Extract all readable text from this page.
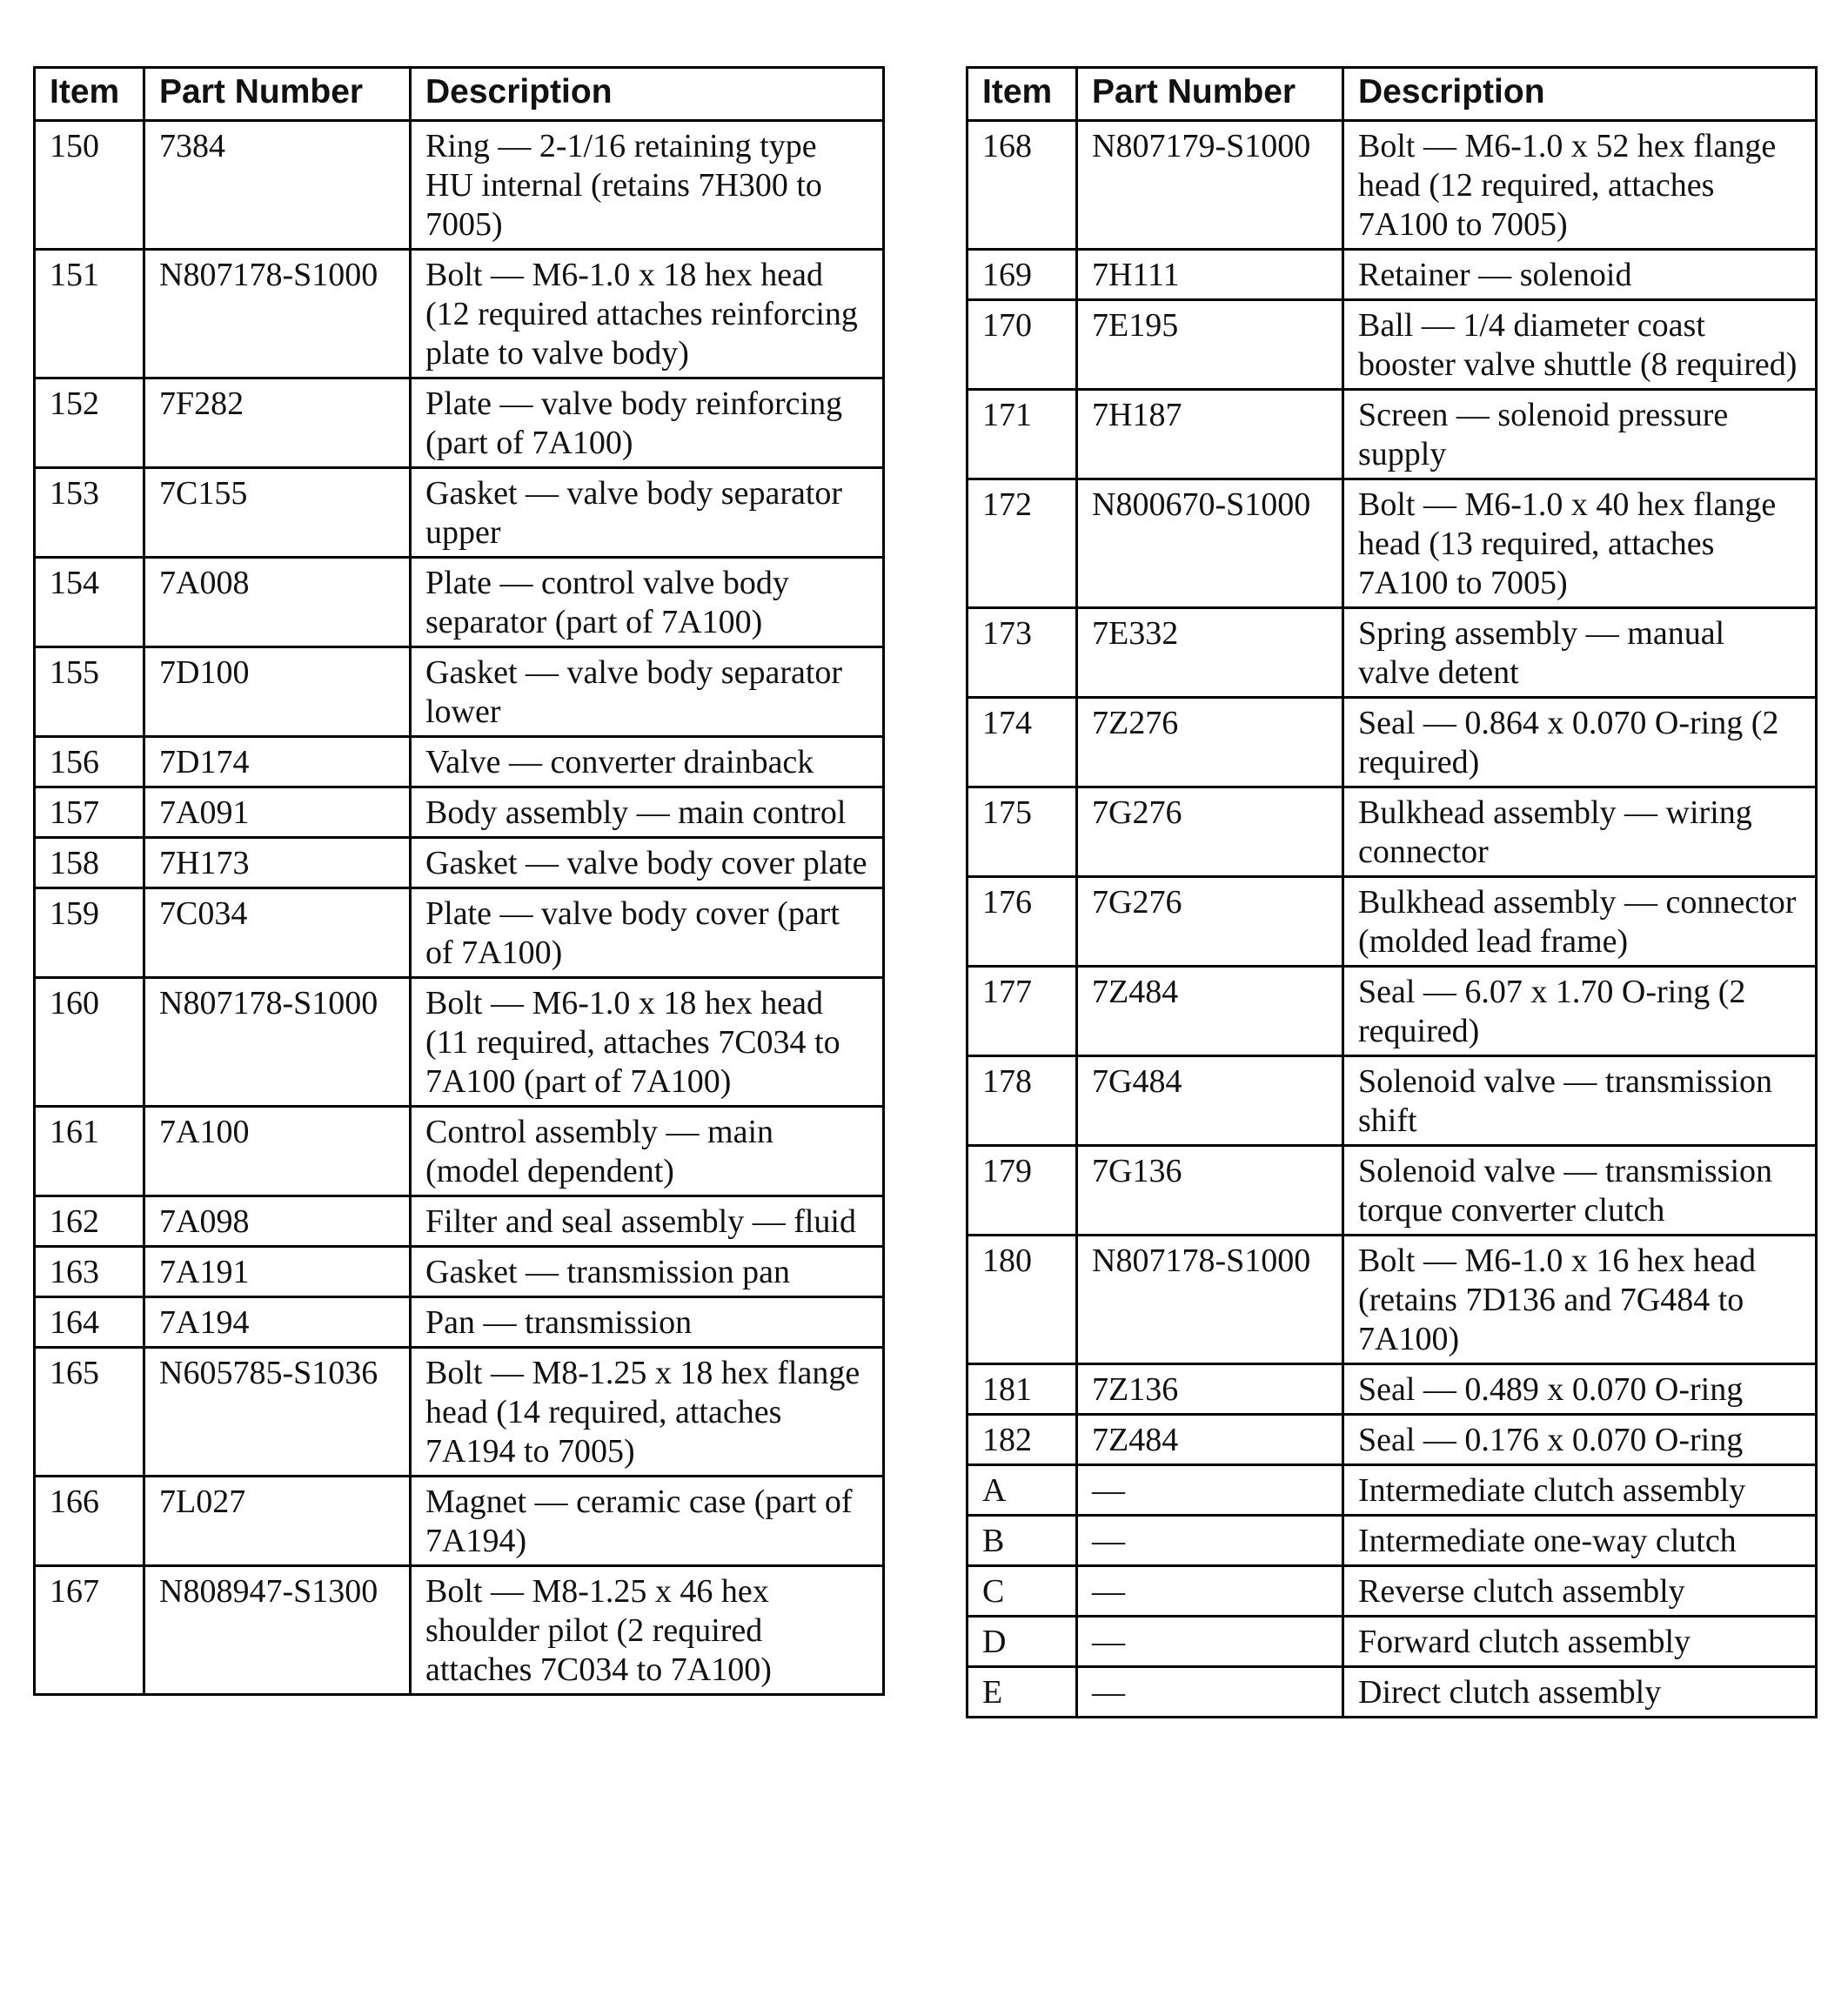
Item	Part Number	Description
150	7384	Ring — 2-1/16 retaining type HU internal (retains 7H300 to 7005)
151	N807178-S1000	Bolt — M6-1.0 x 18 hex head (12 required attaches reinforcing plate to valve body)
152	7F282	Plate — valve body reinforcing (part of 7A100)
153	7C155	Gasket — valve body separator upper
154	7A008	Plate — control valve body separator (part of 7A100)
155	7D100	Gasket — valve body separator lower
156	7D174	Valve — converter drainback
157	7A091	Body assembly — main control
158	7H173	Gasket — valve body cover plate
159	7C034	Plate — valve body cover (part of 7A100)
160	N807178-S1000	Bolt — M6-1.0 x 18 hex head (11 required, attaches 7C034 to 7A100 (part of 7A100)
161	7A100	Control assembly — main (model dependent)
162	7A098	Filter and seal assembly — fluid
163	7A191	Gasket — transmission pan
164	7A194	Pan — transmission
165	N605785-S1036	Bolt — M8-1.25 x 18 hex flange head (14 required, attaches 7A194 to 7005)
166	7L027	Magnet — ceramic case (part of 7A194)
167	N808947-S1300	Bolt — M8-1.25 x 46 hex shoulder pilot (2 required attaches 7C034 to 7A100)
Item	Part Number	Description
168	N807179-S1000	Bolt — M6-1.0 x 52 hex flange head (12 required, attaches 7A100 to 7005)
169	7H111	Retainer — solenoid
170	7E195	Ball — 1/4 diameter coast booster valve shuttle (8 required)
171	7H187	Screen — solenoid pressure supply
172	N800670-S1000	Bolt — M6-1.0 x 40 hex flange head (13 required, attaches 7A100 to 7005)
173	7E332	Spring assembly — manual valve detent
174	7Z276	Seal — 0.864 x 0.070 O-ring (2 required)
175	7G276	Bulkhead assembly — wiring connector
176	7G276	Bulkhead assembly — connector (molded lead frame)
177	7Z484	Seal — 6.07 x 1.70 O-ring (2 required)
178	7G484	Solenoid valve — transmission shift
179	7G136	Solenoid valve — transmission torque converter clutch
180	N807178-S1000	Bolt — M6-1.0 x 16 hex head (retains 7D136 and 7G484 to 7A100)
181	7Z136	Seal — 0.489 x 0.070 O-ring
182	7Z484	Seal — 0.176 x 0.070 O-ring
A	—	Intermediate clutch assembly
B	—	Intermediate one-way clutch
C	—	Reverse clutch assembly
D	—	Forward clutch assembly
E	—	Direct clutch assembly
